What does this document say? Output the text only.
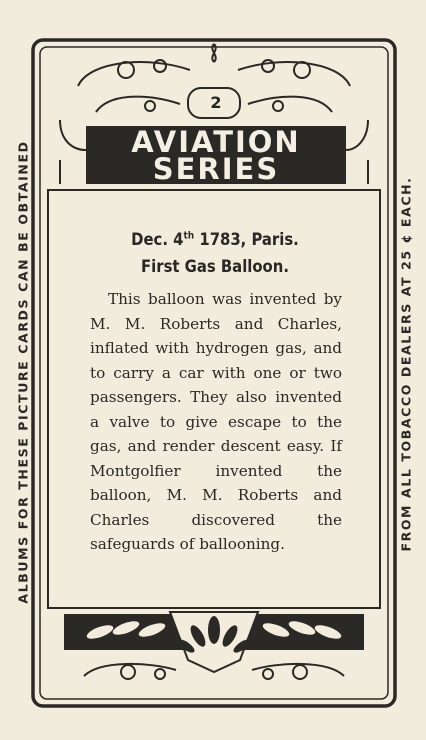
2
AVIATION
SERIES
Dec. 4th 1783, Paris.
First Gas Balloon.

This balloon was invented by M. M. Roberts and Charles, inflated with hydrogen gas, and to carry a car with one or two passengers. They also invented a valve to give escape to the gas, and render descent easy. If Montgolfier invented the balloon, M. M. Roberts and Charles discovered the safeguards of ballooning.

ALBUMS FOR THESE PICTURE CARDS CAN BE OBTAINED	FROM ALL TOBACCO DEALERS AT 25 ¢ EACH.
